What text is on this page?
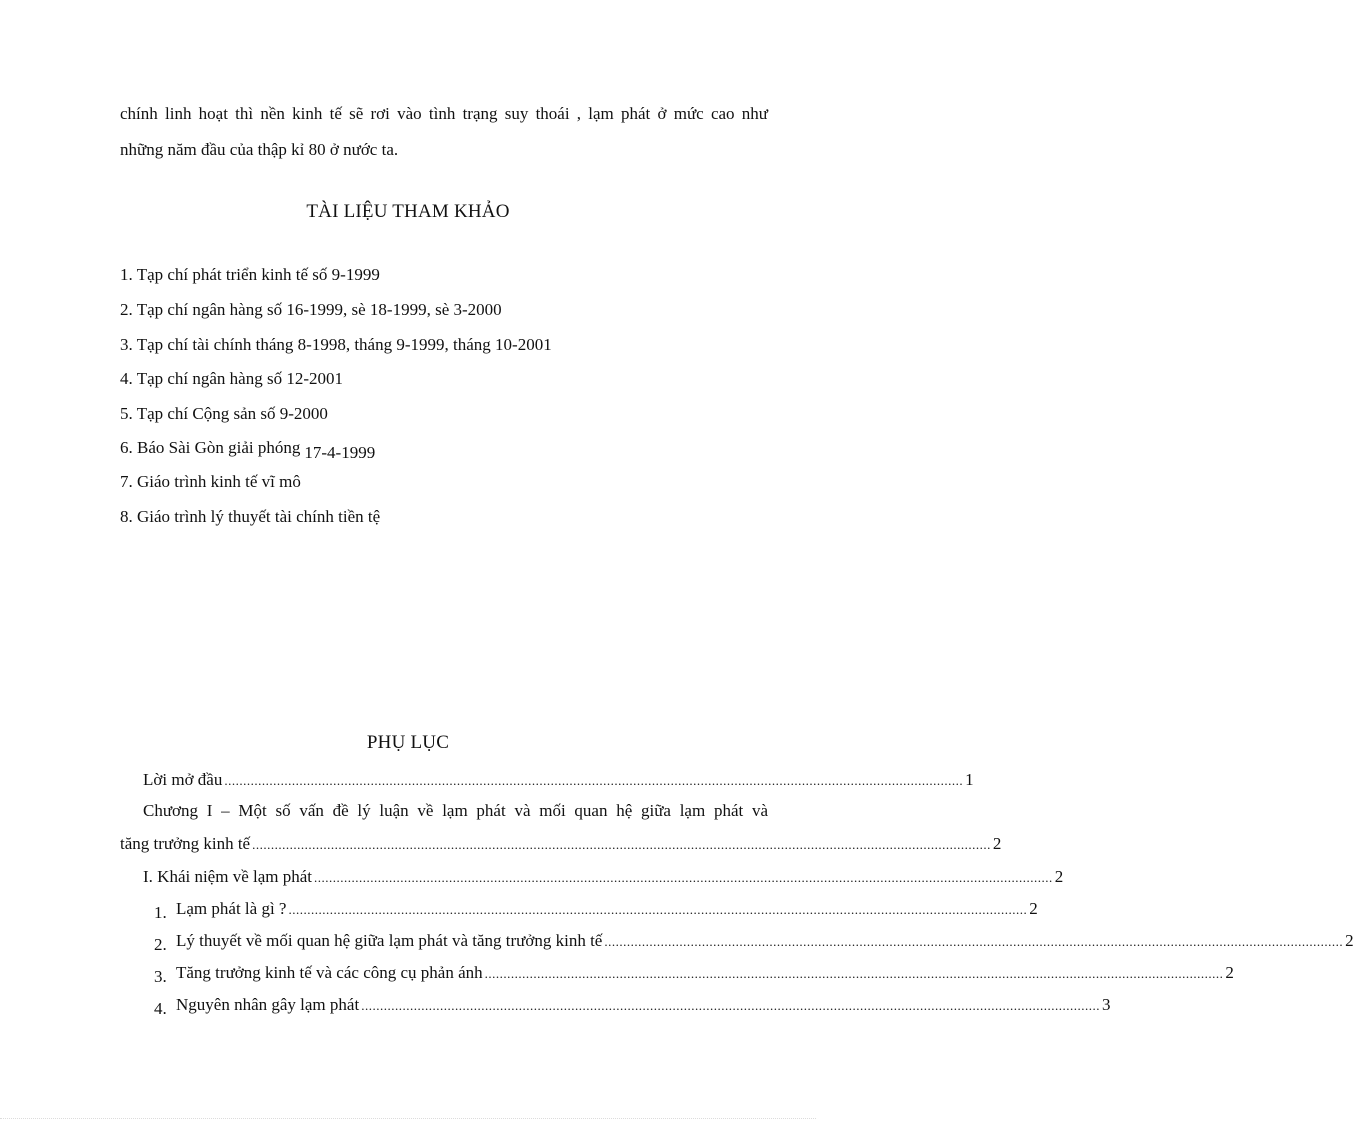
chính linh hoạt thì nền kinh tế sẽ rơi vào tình trạng suy thoái , lạm phát ở mức cao như
những năm đầu của thập kỉ 80 ở nước ta.
TÀI LIỆU THAM KHẢO
1. Tạp chí phát triển kinh tế số 9-1999
2. Tạp chí ngân hàng số 16-1999, sè 18-1999, sè 3-2000
3. Tạp chí tài chính tháng 8-1998, tháng 9-1999, tháng 10-2001
4. Tạp chí ngân hàng số 12-2001
5. Tạp chí Cộng sản số 9-2000
6. Báo Sài Gòn giải phóng 17-4-1999
7. Giáo trình kinh tế vĩ mô
8. Giáo trình lý thuyết tài chính tiền tệ
PHỤ LỤC
Lời mở đầu ..................................................................................................................................................................................................... 1
Chương I – Một số vấn đề lý luận về lạm phát và mối quan hệ giữa lạm phát và
tăng trưởng kinh tế ..................................................................................................................................................................................................... 2
I. Khái niệm về lạm phát ..................................................................................................................................................................................................... 2
1. Lạm phát là gì ? ..................................................................................................................................................................................................... 2
2. Lý thuyết về mối quan hệ giữa lạm phát và tăng trưởng kinh tế ..................................................................................................................................................................................................... 2
3. Tăng trưởng kinh tế và các công cụ phản ánh ..................................................................................................................................................................................................... 2
4. Nguyên nhân gây lạm phát ..................................................................................................................................................................................................... 3
